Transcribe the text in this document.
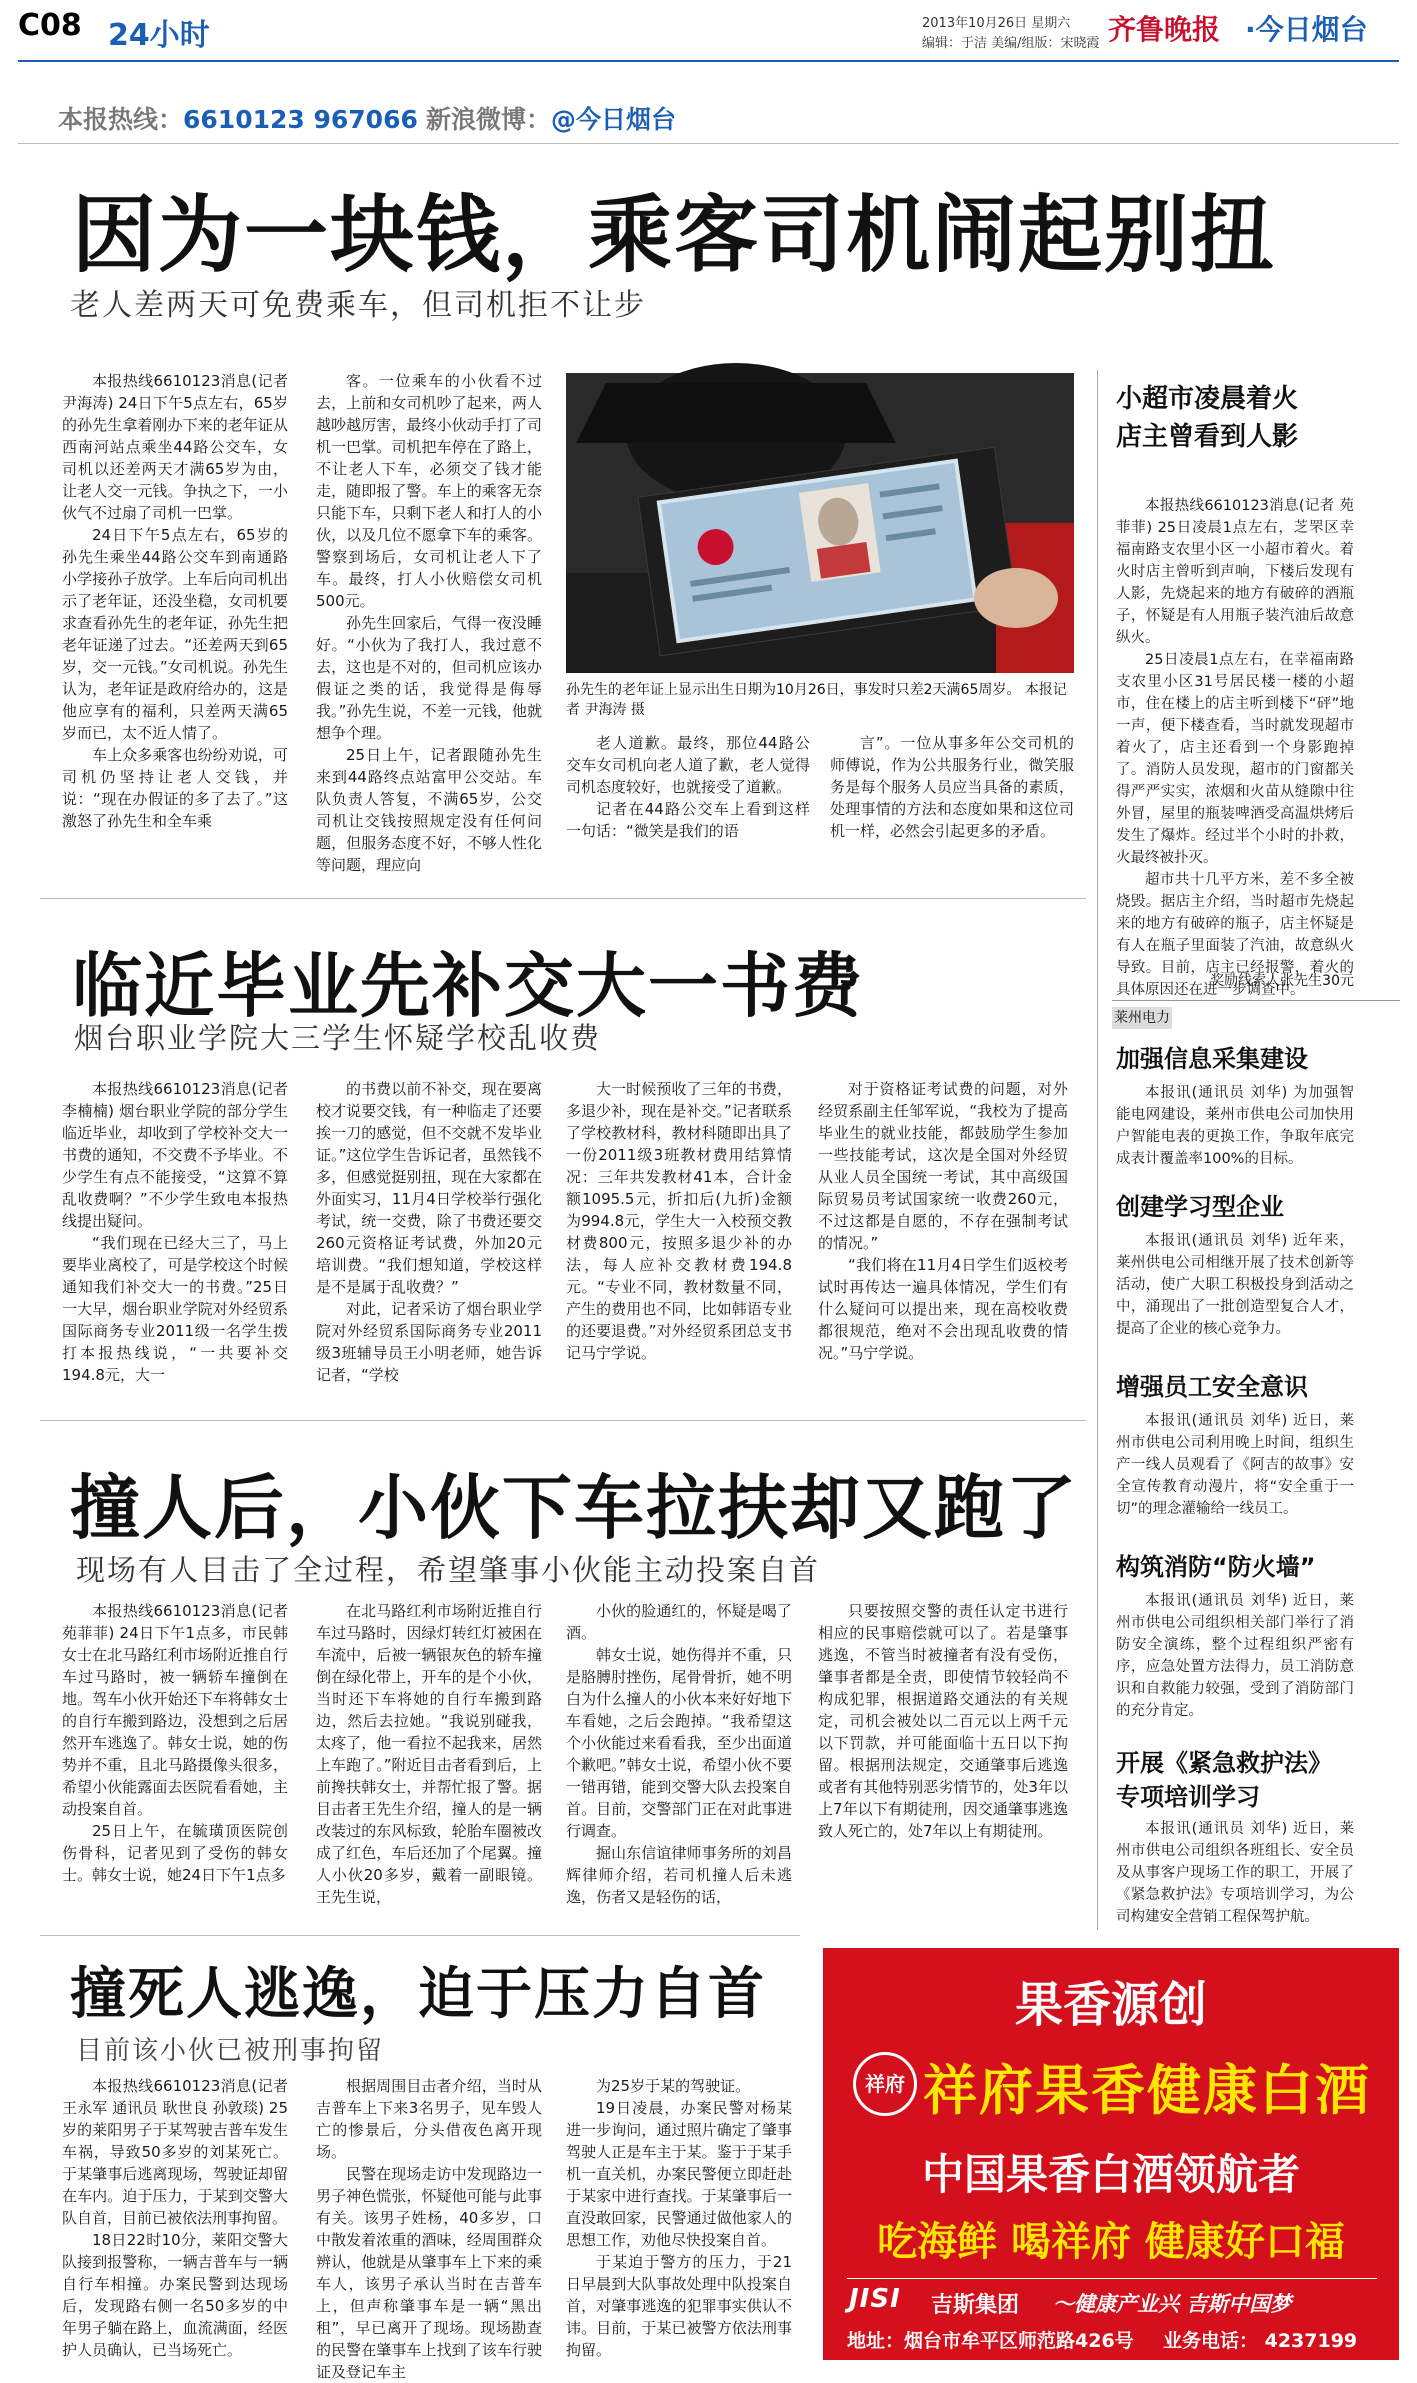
C08 24小时	2013年10月26日 星期六
编辑：于洁 美编/组版：宋晓霞 齐鲁晚报 ·今日烟台
本报热线：6610123 967066 新浪微博：@今日烟台
因为一块钱，乘客司机闹起别扭
老人差两天可免费乘车，但司机拒不让步

本报热线6610123消息(记者 尹海涛) 24日下午5点左右，65岁的孙先生拿着刚办下来的老年证从西南河站点乘坐44路公交车，女司机以还差两天才满65岁为由，让老人交一元钱。争执之下，一小伙气不过扇了司机一巴掌。

24日下午5点左右，65岁的孙先生乘坐44路公交车到南通路小学接孙子放学。上车后向司机出示了老年证，还没坐稳，女司机要求查看孙先生的老年证，孙先生把老年证递了过去。“还差两天到65岁，交一元钱。”女司机说。孙先生认为，老年证是政府给办的，这是他应享有的福利，只差两天满65岁而已，太不近人情了。

车上众多乘客也纷纷劝说，可司机仍坚持让老人交钱，并说：“现在办假证的多了去了。”这激怒了孙先生和全车乘

客。一位乘车的小伙看不过去，上前和女司机吵了起来，两人越吵越厉害，最终小伙动手打了司机一巴掌。司机把车停在了路上，不让老人下车，必须交了钱才能走，随即报了警。车上的乘客无奈只能下车，只剩下老人和打人的小伙，以及几位不愿拿下车的乘客。警察到场后，女司机让老人下了车。最终，打人小伙赔偿女司机500元。

孙先生回家后，气得一夜没睡好。“小伙为了我打人，我过意不去，这也是不对的，但司机应该办假证之类的话，我觉得是侮辱我。”孙先生说，不差一元钱，他就想争个理。

25日上午，记者跟随孙先生来到44路终点站富甲公交站。车队负责人答复，不满65岁，公交司机让交钱按照规定没有任何问题，但服务态度不好，不够人性化等问题，理应向

孙先生的老年证上显示出生日期为10月26日，事发时只差2天满65周岁。 本报记者 尹海涛 摄

老人道歉。最终，那位44路公交车女司机向老人道了歉，老人觉得司机态度较好，也就接受了道歉。

记者在44路公交车上看到这样一句话：“微笑是我们的语

言”。一位从事多年公交司机的师傅说，作为公共服务行业，微笑服务是每个服务人员应当具备的素质，处理事情的方法和态度如果和这位司机一样，必然会引起更多的矛盾。
临近毕业先补交大一书费
烟台职业学院大三学生怀疑学校乱收费

本报热线6610123消息(记者 李楠楠) 烟台职业学院的部分学生临近毕业，却收到了学校补交大一书费的通知，不交费不予毕业。不少学生有点不能接受，“这算不算乱收费啊？”不少学生致电本报热线提出疑问。

“我们现在已经大三了，马上要毕业离校了，可是学校这个时候通知我们补交大一的书费。”25日一大早，烟台职业学院对外经贸系国际商务专业2011级一名学生拨打本报热线说，“一共要补交194.8元，大一

的书费以前不补交，现在要离校才说要交钱，有一种临走了还要挨一刀的感觉，但不交就不发毕业证。”这位学生告诉记者，虽然钱不多，但感觉挺别扭，现在大家都在外面实习，11月4日学校举行强化考试，统一交费，除了书费还要交260元资格证考试费，外加20元培训费。“我们想知道，学校这样是不是属于乱收费？”

对此，记者采访了烟台职业学院对外经贸系国际商务专业2011级3班辅导员王小明老师，她告诉记者，“学校

大一时候预收了三年的书费，多退少补，现在是补交。”记者联系了学校教材科，教材科随即出具了一份2011级3班教材费用结算情况：三年共发教材41本，合计金额1095.5元，折扣后(九折)金额为994.8元，学生大一入校预交教材费800元，按照多退少补的办法，每人应补交教材费194.8元。“专业不同，教材数量不同，产生的费用也不同，比如韩语专业的还要退费。”对外经贸系团总支书记马宁学说。

对于资格证考试费的问题，对外经贸系副主任邹军说，“我校为了提高毕业生的就业技能，都鼓励学生参加一些技能考试，这次是全国对外经贸从业人员全国统一考试，其中高级国际贸易员考试国家统一收费260元，不过这都是自愿的，不存在强制考试的情况。”

“我们将在11月4日学生们返校考试时再传达一遍具体情况，学生们有什么疑问可以提出来，现在高校收费都很规范，绝对不会出现乱收费的情况。”马宁学说。

撞人后，小伙下车拉扶却又跑了
现场有人目击了全过程，希望肇事小伙能主动投案自首

本报热线6610123消息(记者 苑菲菲) 24日下午1点多，市民韩女士在北马路红利市场附近推自行车过马路时，被一辆轿车撞倒在地。驾车小伙开始还下车将韩女士的自行车搬到路边，没想到之后居然开车逃逸了。韩女士说，她的伤势并不重，且北马路摄像头很多，希望小伙能露面去医院看看她，主动投案自首。

25日上午，在毓璜顶医院创伤骨科，记者见到了受伤的韩女士。韩女士说，她24日下午1点多

在北马路红利市场附近推自行车过马路时，因绿灯转红灯被困在车流中，后被一辆银灰色的轿车撞倒在绿化带上，开车的是个小伙，当时还下车将她的自行车搬到路边，然后去拉她。“我说别碰我，太疼了，他一看拉不起我来，居然上车跑了。”附近目击者看到后，上前搀扶韩女士，并帮忙报了警。据目击者王先生介绍，撞人的是一辆改装过的东风标致，轮胎车圈被改成了红色，车后还加了个尾翼。撞人小伙20多岁，戴着一副眼镜。王先生说，

小伙的脸通红的，怀疑是喝了酒。

韩女士说，她伤得并不重，只是胳膊肘挫伤，尾骨骨折，她不明白为什么撞人的小伙本来好好地下车看她，之后会跑掉。“我希望这个小伙能过来看看我，至少出面道个歉吧。”韩女士说，希望小伙不要一错再错，能到交警大队去投案自首。目前，交警部门正在对此事进行调查。

掘山东信谊律师事务所的刘昌辉律师介绍，若司机撞人后未逃逸，伤者又是轻伤的话，

只要按照交警的责任认定书进行相应的民事赔偿就可以了。若是肇事逃逸，不管当时被撞者有没有受伤，肇事者都是全责，即使情节较轻尚不构成犯罪，根据道路交通法的有关规定，司机会被处以二百元以上两千元以下罚款，并可能面临十五日以下拘留。根据刑法规定，交通肇事后逃逸或者有其他特别恶劣情节的，处3年以上7年以下有期徒刑，因交通肇事逃逸致人死亡的，处7年以上有期徒刑。
撞死人逃逸，迫于压力自首
目前该小伙已被刑事拘留

本报热线6610123消息(记者 王永军 通讯员 耿世良 孙敦琰) 25岁的莱阳男子于某驾驶吉普车发生车祸，导致50多岁的刘某死亡。于某肇事后逃离现场，驾驶证却留在车内。迫于压力，于某到交警大队自首，目前已被依法刑事拘留。

18日22时10分，莱阳交警大队接到报警称，一辆吉普车与一辆自行车相撞。办案民警到达现场后，发现路右侧一名50多岁的中年男子躺在路上，血流满面，经医护人员确认，已当场死亡。

根据周围目击者介绍，当时从吉普车上下来3名男子，见车毁人亡的惨景后，分头借夜色离开现场。

民警在现场走访中发现路边一男子神色慌张，怀疑他可能与此事有关。该男子姓杨，40多岁，口中散发着浓重的酒味，经周围群众辨认，他就是从肇事车上下来的乘车人，该男子承认当时在吉普车上，但声称肇事车是一辆“黑出租”，早已离开了现场。现场勘查的民警在肇事车上找到了该车行驶证及登记车主

为25岁于某的驾驶证。

19日凌晨，办案民警对杨某进一步询问，通过照片确定了肇事驾驶人正是车主于某。鉴于于某手机一直关机，办案民警便立即赶赴于某家中进行查找。于某肇事后一直没敢回家，民警通过做他家人的思想工作，劝他尽快投案自首。

于某迫于警方的压力，于21日早晨到大队事故处理中队投案自首，对肇事逃逸的犯罪事实供认不讳。目前，于某已被警方依法刑事拘留。

小超市凌晨着火
店主曾看到人影

本报热线6610123消息(记者 苑菲菲) 25日凌晨1点左右，芝罘区幸福南路支农里小区一小超市着火。着火时店主曾听到声响，下楼后发现有人影，先烧起来的地方有破碎的酒瓶子，怀疑是有人用瓶子装汽油后故意纵火。

25日凌晨1点左右，在幸福南路支农里小区31号居民楼一楼的小超市，住在楼上的店主听到楼下“砰”地一声，便下楼查看，当时就发现超市着火了，店主还看到一个身影跑掉了。消防人员发现，超市的门窗都关得严严实实，浓烟和火苗从缝隙中往外冒，屋里的瓶装啤酒受高温烘烤后发生了爆炸。经过半个小时的扑救，火最终被扑灭。

超市共十几平方米，差不多全被烧毁。据店主介绍，当时超市先烧起来的地方有破碎的瓶子，店主怀疑是有人在瓶子里面装了汽油，故意纵火导致。目前，店主已经报警，着火的具体原因还在进一步调查中。

奖励线索人张先生30元
莱州电力
加强信息采集建设
本报讯(通讯员 刘华) 为加强智能电网建设，莱州市供电公司加快用户智能电表的更换工作，争取年底完成表计覆盖率100%的目标。
创建学习型企业
本报讯(通讯员 刘华) 近年来，莱州供电公司相继开展了技术创新等活动，使广大职工积极投身到活动之中，涌现出了一批创造型复合人才，提高了企业的核心竞争力。
增强员工安全意识
本报讯(通讯员 刘华) 近日，莱州市供电公司利用晚上时间，组织生产一线人员观看了《阿吉的故事》安全宣传教育动漫片，将“安全重于一切”的理念灌输给一线员工。
构筑消防“防火墙”
本报讯(通讯员 刘华) 近日，莱州市供电公司组织相关部门举行了消防安全演练，整个过程组织严密有序，应急处置方法得力，员工消防意识和自救能力较强，受到了消防部门的充分肯定。
开展《紧急救护法》
专项培训学习
本报讯(通讯员 刘华) 近日，莱州市供电公司组织各班组长、安全员及从事客户现场工作的职工，开展了《紧急救护法》专项培训学习，为公司构建安全营销工程保驾护航。
果香源创
祥府 祥府果香健康白酒
中国果香白酒领航者
吃海鲜 喝祥府 健康好口福
JISI 吉斯集团 ～健康产业兴 吉斯中国梦
地址：烟台市牟平区师范路426号 业务电话： 4237199
